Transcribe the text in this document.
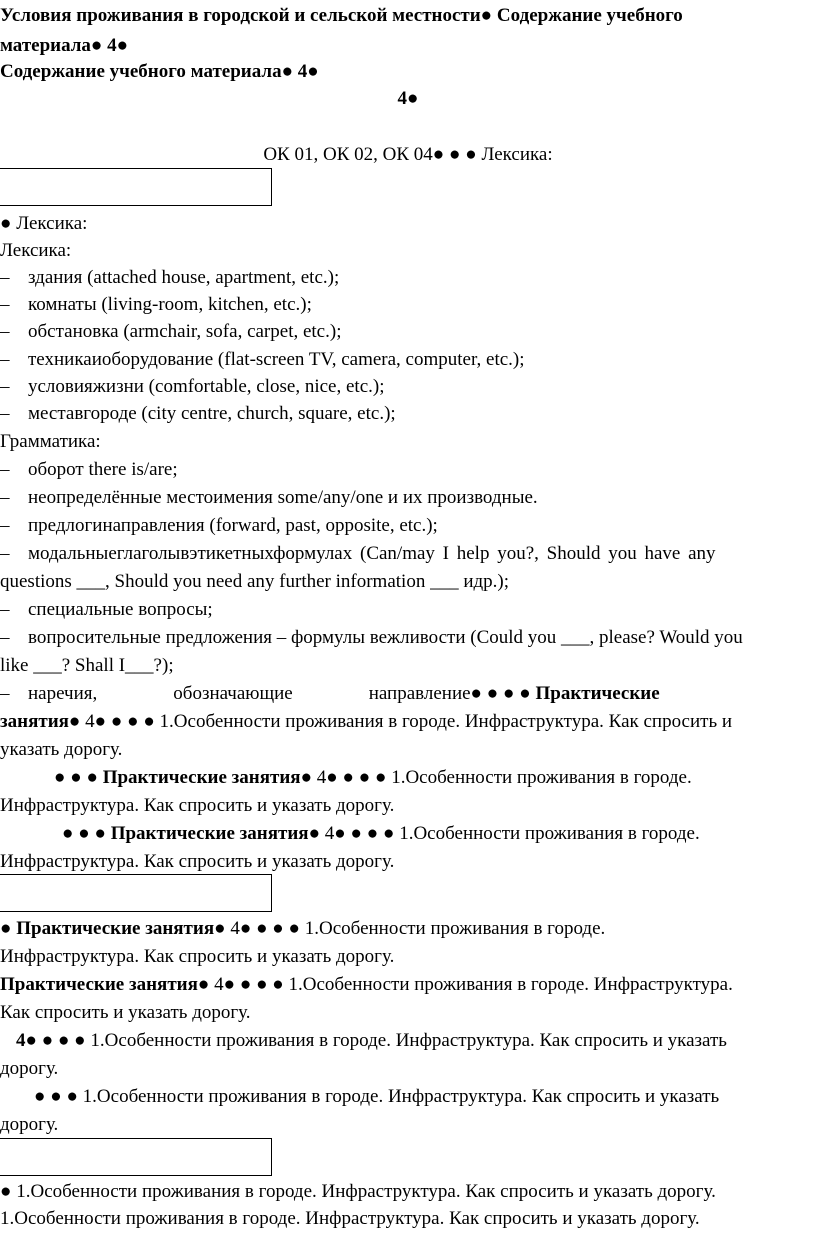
Условия проживания в городской и сельской местности● Содержание учебного
материала● 4●
Содержание учебного материала● 4●
4●
ОК 01, ОК 02, ОК 04● ● ● Лексика:
● Лексика:
Лексика:
– здания (attached house, apartment, etc.);
– комнаты (living-room, kitchen, etc.);
– обстановка (armchair, sofa, carpet, etc.);
– техникаиоборудование (flat-screen TV, camera, computer, etc.);
– условияжизни (comfortable, close, nice, etc.);
– меставгороде (city centre, church, square, etc.);
Грамматика:
– оборот there is/are;
– неопределённые местоимения some/any/one и их производные.
– предлогинаправления (forward, past, opposite, etc.);
– модальныеглаголывэтикетныхформулах (Can/may I help you?, Should you have any
questions ___, Should you need any further information ___ идр.);
– специальные вопросы;
– вопросительные предложения – формулы вежливости (Could you ___, please? Would you
like ___? Shall I___?);
– наречия,                обозначающие                направление● ● ● ● Практические
занятия● 4● ● ● ● 1.Особенности проживания в городе. Инфраструктура. Как спросить и
указать дорогу.
● ● ● Практические занятия● 4● ● ● ● 1.Особенности проживания в городе.
Инфраструктура. Как спросить и указать дорогу.
● ● ● Практические занятия● 4● ● ● ● 1.Особенности проживания в городе.
Инфраструктура. Как спросить и указать дорогу.
● Практические занятия● 4● ● ● ● 1.Особенности проживания в городе.
Инфраструктура. Как спросить и указать дорогу.
Практические занятия● 4● ● ● ● 1.Особенности проживания в городе. Инфраструктура.
Как спросить и указать дорогу.
4● ● ● ● 1.Особенности проживания в городе. Инфраструктура. Как спросить и указать
дорогу.
● ● ● 1.Особенности проживания в городе. Инфраструктура. Как спросить и указать
дорогу.
● 1.Особенности проживания в городе. Инфраструктура. Как спросить и указать дорогу.
1.Особенности проживания в городе. Инфраструктура. Как спросить и указать дорогу.
